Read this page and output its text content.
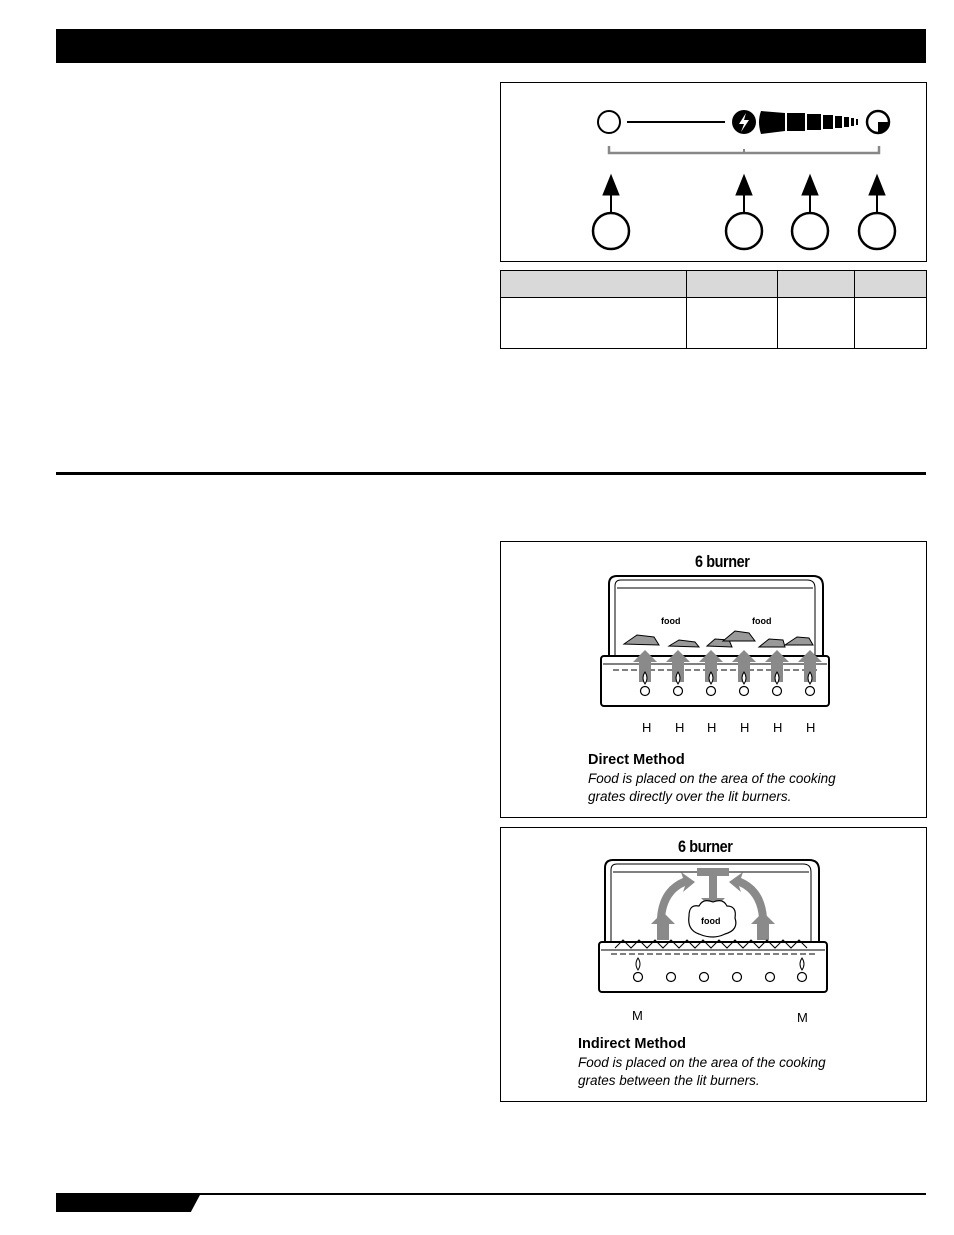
6 burner
food	food
H H H H H H
Direct Method
Food is placed on the area of the cooking
grates directly over the lit burners.
6 burner
food
M	M
Indirect Method
Food is placed on the area of the cooking
grates between the lit burners.
